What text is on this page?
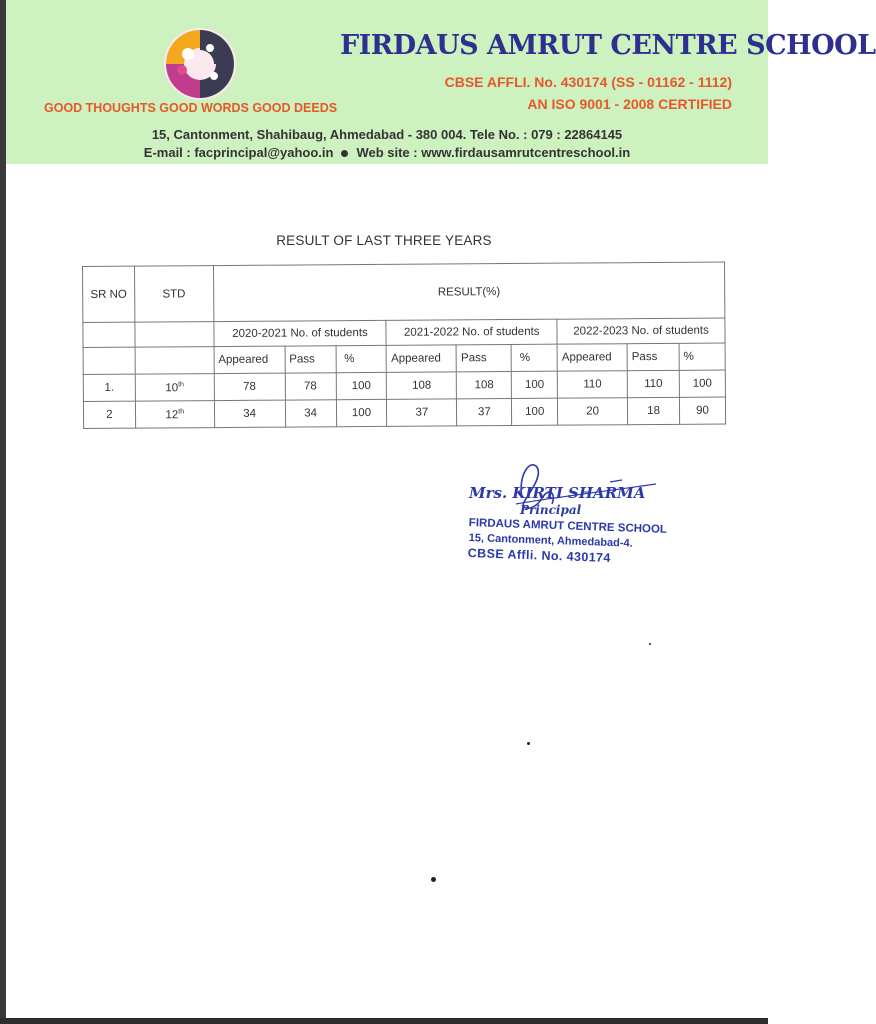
FIRDAUS AMRUT CENTRE SCHOOL
CBSE AFFLI. No. 430174 (SS - 01162 - 1112)
AN ISO 9001 - 2008 CERTIFIED
GOOD THOUGHTS GOOD WORDS GOOD DEEDS
15, Cantonment, Shahibaug, Ahmedabad - 380 004. Tele No. : 079 : 22864145
E-mail : facprincipal@yahoo.in Web site : www.firdausamrutcentreschool.in
RESULT OF LAST THREE YEARS
SR NO	STD	RESULT(%)								
		2020-2021 No. of students			2021-2022 No. of students			2022-2023 No. of students		
		Appeared	Pass	%	Appeared	Pass	%	Appeared	Pass	%
1.	10th	78	78	100	108	108	100	110	110	100
2	12th	34	34	100	37	37	100	20	18	90
Mrs. KIRTI SHARMA
Principal
FIRDAUS AMRUT CENTRE SCHOOL
15, Cantonment, Ahmedabad-4.
CBSE Affli. No. 430174
